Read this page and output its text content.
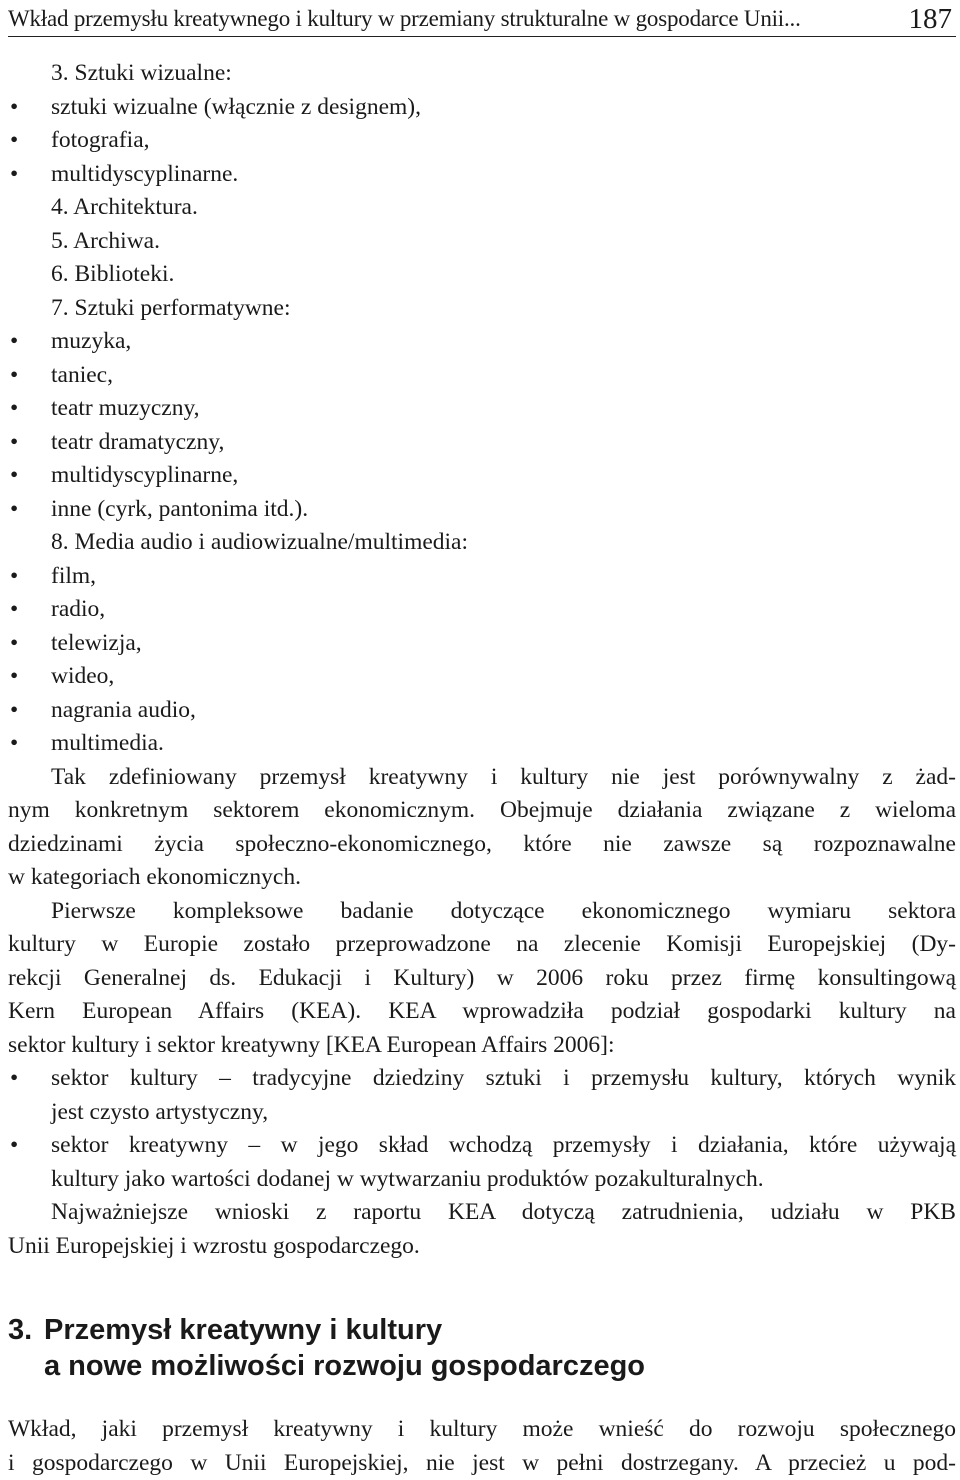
Wkład przemysłu kreatywnego i kultury w przemiany strukturalne w gospodarce Unii...	187
3. Sztuki wizualne:
• sztuki wizualne (włącznie z designem),
• fotografia,
• multidyscyplinarne.
4. Architektura.
5. Archiwa.
6. Biblioteki.
7. Sztuki performatywne:
• muzyka,
• taniec,
• teatr muzyczny,
• teatr dramatyczny,
• multidyscyplinarne,
• inne (cyrk, pantonima itd.).
8. Media audio i audiowizualne/multimedia:
• film,
• radio,
• telewizja,
• wideo,
• nagrania audio,
• multimedia.
Tak zdefiniowany przemysł kreatywny i kultury nie jest porównywalny z żad-
nym konkretnym sektorem ekonomicznym. Obejmuje działania związane z wieloma
dziedzinami życia społeczno-ekonomicznego, które nie zawsze są rozpoznawalne
w kategoriach ekonomicznych.
Pierwsze kompleksowe badanie dotyczące ekonomicznego wymiaru sektora
kultury w Europie zostało przeprowadzone na zlecenie Komisji Europejskiej (Dy-
rekcji Generalnej ds. Edukacji i Kultury) w 2006 roku przez firmę konsultingową
Kern European Affairs (KEA). KEA wprowadziła podział gospodarki kultury na
sektor kultury i sektor kreatywny [KEA European Affairs 2006]:
• sektor kultury – tradycyjne dziedziny sztuki i przemysłu kultury, których wynik
jest czysto artystyczny,
• sektor kreatywny – w jego skład wchodzą przemysły i działania, które używają
kultury jako wartości dodanej w wytwarzaniu produktów pozakulturalnych.
Najważniejsze wnioski z raportu KEA dotyczą zatrudnienia, udziału w PKB
Unii Europejskiej i wzrostu gospodarczego.
3. Przemysł kreatywny i kultury
a nowe możliwości rozwoju gospodarczego
Wkład, jaki przemysł kreatywny i kultury może wnieść do rozwoju społecznego
i gospodarczego w Unii Europejskiej, nie jest w pełni dostrzegany. A przecież u pod-
